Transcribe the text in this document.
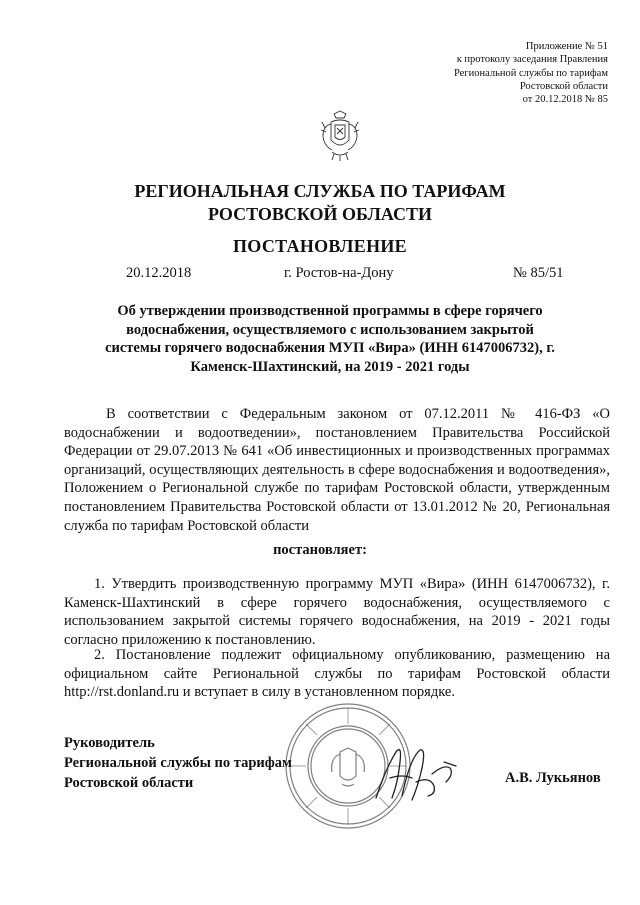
Приложение № 51
к протоколу заседания Правления
Региональной службы по тарифам
Ростовской области
от 20.12.2018 № 85
РЕГИОНАЛЬНАЯ СЛУЖБА ПО ТАРИФАМ
РОСТОВСКОЙ ОБЛАСТИ
ПОСТАНОВЛЕНИЕ
20.12.2018	г. Ростов-на-Дону	№ 85/51
Об утверждении производственной программы в сфере горячего водоснабжения, осуществляемого с использованием закрытой системы горячего водоснабжения МУП «Вира» (ИНН 6147006732), г. Каменск-Шахтинский, на 2019 - 2021 годы

В соответствии с Федеральным законом от 07.12.2011 № 416-ФЗ «О водоснабжении и водоотведении», постановлением Правительства Российской Федерации от 29.07.2013 № 641 «Об инвестиционных и производственных программах организаций, осуществляющих деятельность в сфере водоснабжения и водоотведения», Положением о Региональной службе по тарифам Ростовской области, утвержденным постановлением Правительства Ростовской области от 13.01.2012 № 20, Региональная служба по тарифам Ростовской области

постановляет:

1. Утвердить производственную программу МУП «Вира» (ИНН 6147006732), г. Каменск-Шахтинский в сфере горячего водоснабжения, осуществляемого с использованием закрытой системы горячего водоснабжения, на 2019 - 2021 годы согласно приложению к постановлению.

2. Постановление подлежит официальному опубликованию, размещению на официальном сайте Региональной службы по тарифам Ростовской области http://rst.donland.ru и вступает в силу в установленном порядке.

Руководитель
Региональной службы по тарифам
Ростовской области	А.В. Лукьянов
